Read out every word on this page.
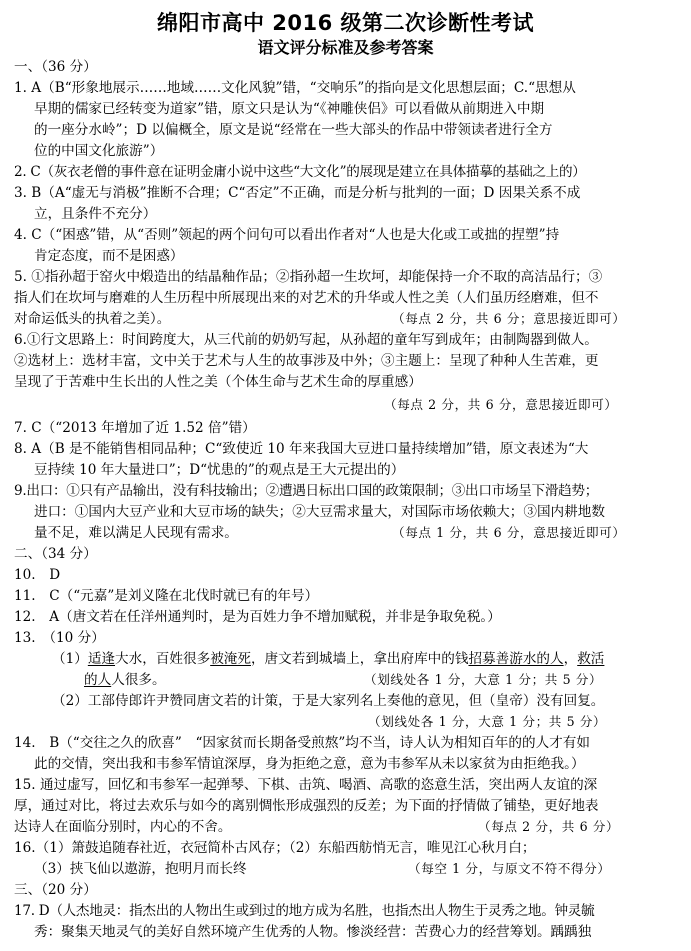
绵阳市高中 2016 级第二次诊断性考试
语文评分标准及参考答案
一、（36 分）
1. A（B“形象地展示……地域……文化风貌”错，“交响乐”的指向是文化思想层面；C.“思想从
早期的儒家已经转变为道家”错，原文只是认为“《神雕侠侣》可以看做从前期进入中期
的一座分水岭”；D 以偏概全，原文是说“经常在一些大部头的作品中带领读者进行全方
位的中国文化旅游”）
2. C（灰衣老僧的事件意在证明金庸小说中这些“大文化”的展现是建立在具体描摹的基础之上的）
3. B（A“虚无与消极”推断不合理；C“否定”不正确，而是分析与批判的一面；D 因果关系不成
立，且条件不充分）
4. C（“困惑”错，从“否则”领起的两个问句可以看出作者对“人也是大化或工或拙的捏塑”持
肯定态度，而不是困惑）
5. ①指孙超于窑火中煅造出的结晶釉作品；②指孙超一生坎坷，却能保持一介不取的高洁品行；③
指人们在坎坷与磨难的人生历程中所展现出来的对艺术的升华或人性之美（人们虽历经磨难，但不
对命运低头的执着之美）。	（每点 2 分，共 6 分；意思接近即可）
6.①行文思路上：时间跨度大，从三代前的奶奶写起，从孙超的童年写到成年；由制陶器到做人。
②选材上：选材丰富，文中关于艺术与人生的故事涉及中外；③主题上：呈现了种种人生苦难，更
呈现了于苦难中生长出的人性之美（个体生命与艺术生命的厚重感）
（每点 2 分，共 6 分，意思接近即可）
7. C（“2013 年增加了近 1.52 倍”错）
8. A（B 是不能销售相同品种；C“致使近 10 年来我国大豆进口量持续增加”错，原文表述为“大
豆持续 10 年大量进口”；D“忧患的”的观点是王大元提出的）
9.出口：①只有产品输出，没有科技输出；②遭遇日标出口国的政策限制；③出口市场呈下滑趋势；
进口：①国内大豆产业和大豆市场的缺失；②大豆需求量大，对国际市场依赖大；③国内耕地数
量不足，难以满足人民现有需求。	（每点 1 分，共 6 分，意思接近即可）
二、（34 分）
10.　D
11.　C（“元嘉”是刘义隆在北伐时就已有的年号）
12.　A（唐文若在任洋州通判时，是为百姓力争不增加赋税，并非是争取免税。）
13.　（10 分）
（1）适逢大水，百姓很多被淹死，唐文若到城墙上，拿出府库中的钱招募善游水的人，救活
的人人很多。	（划线处各 1 分，大意 1 分；共 5 分）
（2）工部侍郎许尹赞同唐文若的计策，于是大家列名上奏他的意见，但（皇帝）没有回复。
（划线处各 1 分，大意 1 分；共 5 分）
14.　B（“交往之久的欣喜”　“因家贫而长期备受煎熬”均不当，诗人认为相知百年的的人才有如
此的交情，突出我和韦参军情谊深厚，身为拒绝之意，意为韦参军从未以家贫为由拒绝我。）
15. 通过虚写，回忆和韦参军一起弹琴、下棋、击筑、喝酒、高歌的恣意生活，突出两人友谊的深
厚，通过对比，将过去欢乐与如今的离别惆怅形成强烈的反差；为下面的抒情做了铺垫，更好地表
达诗人在面临分别时，内心的不舍。	（每点 2 分，共 6 分）
16.（1）箫鼓追随春社近，衣冠简朴古风存；（2）东船西舫悄无言，唯见江心秋月白；
（3）挟飞仙以遨游，抱明月而长终	（每空 1 分，与原文不符不得分）
三、（20 分）
17. D（人杰地灵：指杰出的人物出生或到过的地方成为名胜，也指杰出人物生于灵秀之地。钟灵毓
秀：聚集天地灵气的美好自然环境产生优秀的人物。惨淡经营：苦费心力的经营筹划。踽踽独
